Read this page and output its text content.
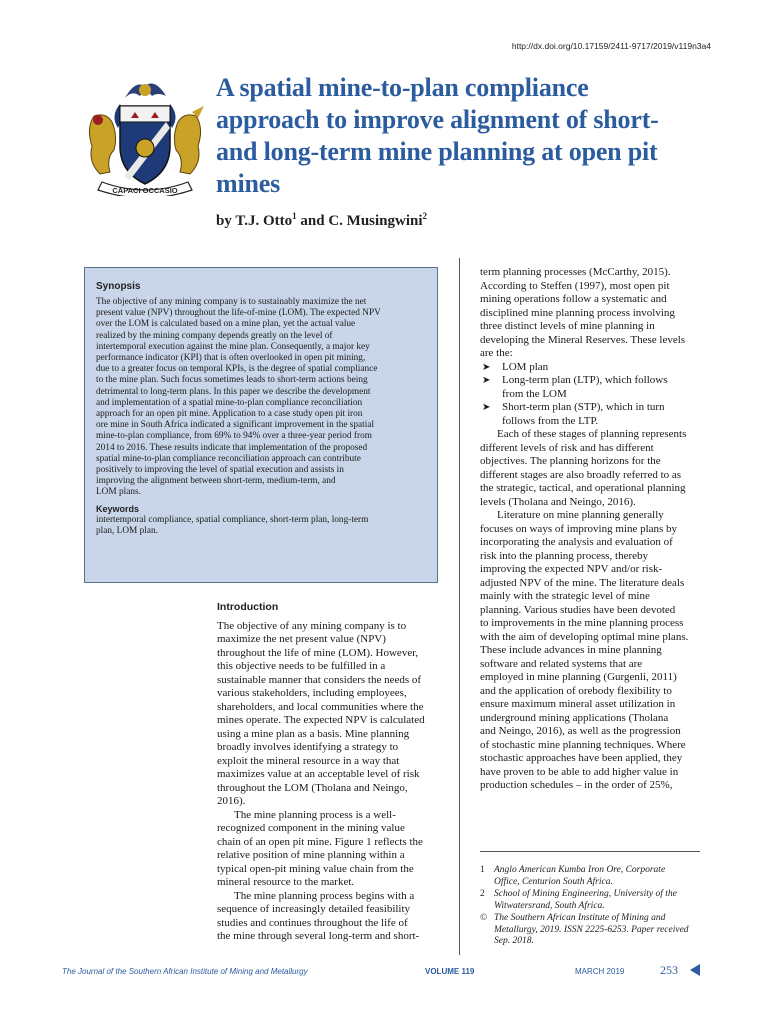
http://dx.doi.org/10.17159/2411-9717/2019/v119n3a4
CAPACI OCCASIO
A spatial mine-to-plan compliance
approach to improve alignment of short-
and long-term mine planning at open pit
mines
by T.J. Otto$^1$ and C. Musingwini$^2$
Synopsis
The objective of any mining company is to sustainably maximize the net
present value (NPV) throughout the life-of-mine (LOM). The expected NPV
over the LOM is calculated based on a mine plan, yet the actual value
realized by the mining company depends greatly on the level of
intertemporal execution against the mine plan. Consequently, a major key
performance indicator (KPI) that is often overlooked in open pit mining,
due to a greater focus on temporal KPIs, is the degree of spatial compliance
to the mine plan. Such focus sometimes leads to short-term actions being
detrimental to long-term plans. In this paper we describe the development
and implementation of a spatial mine-to-plan compliance reconciliation
approach for an open pit mine. Application to a case study open pit iron
ore mine in South Africa indicated a significant improvement in the spatial
mine-to-plan compliance, from 69% to 94% over a three-year period from
2014 to 2016. These results indicate that implementation of the proposed
spatial mine-to-plan compliance reconciliation approach can contribute
positively to improving the level of spatial execution and assists in
improving the alignment between short-term, medium-term, and
LOM plans.
Keywords
intertemporal compliance, spatial compliance, short-term plan, long-term
plan, LOM plan.
Introduction
The objective of any mining company is to
maximize the net present value (NPV)
throughout the life of mine (LOM). However,
this objective needs to be fulfilled in a
sustainable manner that considers the needs of
various stakeholders, including employees,
shareholders, and local communities where the
mines operate. The expected NPV is calculated
using a mine plan as a basis. Mine planning
broadly involves identifying a strategy to
exploit the mineral resource in a way that
maximizes value at an acceptable level of risk
throughout the LOM (Tholana and Neingo,
2016).
The mine planning process is a well-
recognized component in the mining value
chain of an open pit mine. Figure 1 reflects the
relative position of mine planning within a
typical open-pit mining value chain from the
mineral resource to the market.
The mine planning process begins with a
sequence of increasingly detailed feasibility
studies and continues throughout the life of
the mine through several long-term and short-
term planning processes (McCarthy, 2015).
According to Steffen (1997), most open pit
mining operations follow a systematic and
disciplined mine planning process involving
three distinct levels of mine planning in
developing the Mineral Reserves. These levels
are the:
➤ LOM plan
➤ Long-term plan (LTP), which follows
from the LOM
➤ Short-term plan (STP), which in turn
follows from the LTP.
Each of these stages of planning represents
different levels of risk and has different
objectives. The planning horizons for the
different stages are also broadly referred to as
the strategic, tactical, and operational planning
levels (Tholana and Neingo, 2016).
Literature on mine planning generally
focuses on ways of improving mine plans by
incorporating the analysis and evaluation of
risk into the planning process, thereby
improving the expected NPV and/or risk-
adjusted NPV of the mine. The literature deals
mainly with the strategic level of mine
planning. Various studies have been devoted
to improvements in the mine planning process
with the aim of developing optimal mine plans.
These include advances in mine planning
software and related systems that are
employed in mine planning (Gurgenli, 2011)
and the application of orebody flexibility to
ensure maximum mineral asset utilization in
underground mining applications (Tholana
and Neingo, 2016), as well as the progression
of stochastic mine planning techniques. Where
stochastic approaches have been applied, they
have proven to be able to add higher value in
production schedules – in the order of 25%,
1 Anglo American Kumba Iron Ore, Corporate
Office, Centurion South Africa.
2 School of Mining Engineering, University of the
Witwatersrand, South Africa.
© The Southern African Institute of Mining and
Metallurgy, 2019. ISSN 2225-6253. Paper received
Sep. 2018.
The Journal of the Southern African Institute of Mining and Metallurgy	VOLUME 119	MARCH 2019	253
